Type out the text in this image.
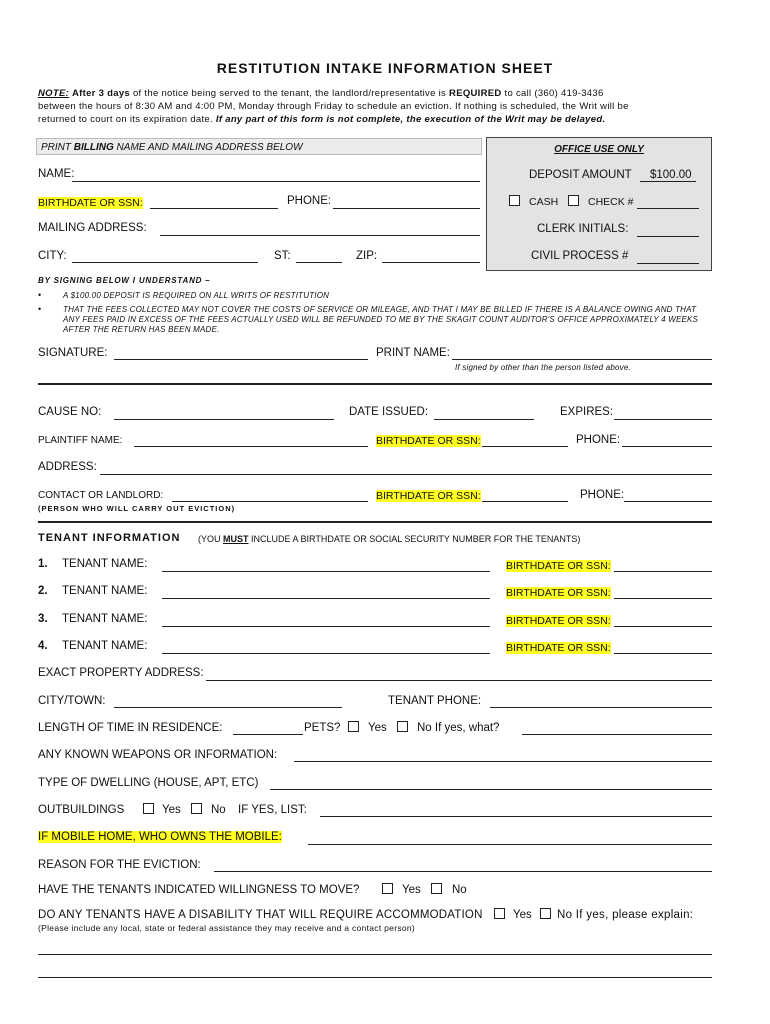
RESTITUTION INTAKE INFORMATION SHEET
NOTE: After 3 days of the notice being served to the tenant, the landlord/representative is REQUIRED to call (360) 419-3436
between the hours of 8:30 AM and 4:00 PM, Monday through Friday to schedule an eviction. If nothing is scheduled, the Writ will be
returned to court on its expiration date. If any part of this form is not complete, the execution of the Writ may be delayed.
PRINT BILLING NAME AND MAILING ADDRESS BELOW	OFFICE USE ONLY
DEPOSIT AMOUNT	$100.00
CASH	CHECK #
CLERK INITIALS:
CIVIL PROCESS #
NAME:
BIRTHDATE OR SSN:	PHONE:
MAILING ADDRESS:
CITY:	ST:	ZIP:
BY SIGNING BELOW I UNDERSTAND –
•	A $100.00 DEPOSIT IS REQUIRED ON ALL WRITS OF RESTITUTION
•	THAT THE FEES COLLECTED MAY NOT COVER THE COSTS OF SERVICE OR MILEAGE, AND THAT I MAY BE BILLED IF THERE IS A BALANCE OWING AND THAT
ANY FEES PAID IN EXCESS OF THE FEES ACTUALLY USED WILL BE REFUNDED TO ME BY THE SKAGIT COUNT AUDITOR'S OFFICE APPROXIMATELY 4 WEEKS
AFTER THE RETURN HAS BEEN MADE.
SIGNATURE:	PRINT NAME:
If signed by other than the person listed above.
CAUSE NO:	DATE ISSUED:	EXPIRES:
PLAINTIFF NAME:	BIRTHDATE OR SSN:	PHONE:
ADDRESS:
CONTACT OR LANDLORD:	BIRTHDATE OR SSN:	PHONE:
(PERSON WHO WILL CARRY OUT EVICTION)
TENANT INFORMATION (YOU MUST INCLUDE A BIRTHDATE OR SOCIAL SECURITY NUMBER FOR THE TENANTS)
1. TENANT NAME:	BIRTHDATE OR SSN:
2. TENANT NAME:	BIRTHDATE OR SSN:
3. TENANT NAME:	BIRTHDATE OR SSN:
4. TENANT NAME:	BIRTHDATE OR SSN:
EXACT PROPERTY ADDRESS:
CITY/TOWN:	TENANT PHONE:
LENGTH OF TIME IN RESIDENCE:	PETS? Yes	No If yes, what?
ANY KNOWN WEAPONS OR INFORMATION:
TYPE OF DWELLING (HOUSE, APT, ETC)
OUTBUILDINGS	Yes	No IF YES, LIST:
IF MOBILE HOME, WHO OWNS THE MOBILE:
REASON FOR THE EVICTION:
HAVE THE TENANTS INDICATED WILLINGNESS TO MOVE?	Yes	No
DO ANY TENANTS HAVE A DISABILITY THAT WILL REQUIRE ACCOMMODATION	Yes No If yes, please explain:
(Please include any local, state or federal assistance they may receive and a contact person)
